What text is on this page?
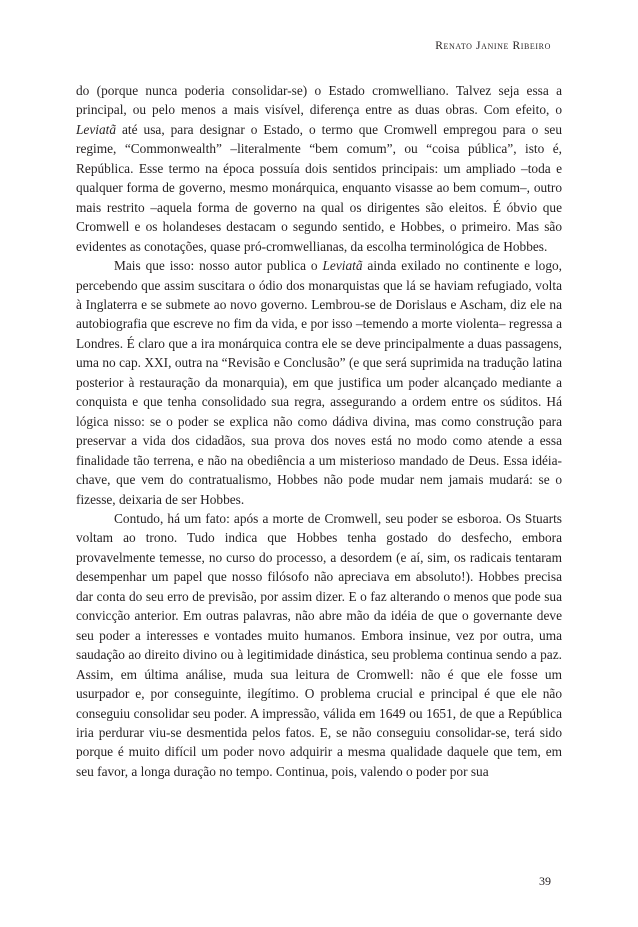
Renato Janine Ribeiro

do (porque nunca poderia consolidar-se) o Estado cromwelliano. Talvez seja essa a principal, ou pelo menos a mais visível, diferença entre as duas obras. Com efeito, o Leviatã até usa, para designar o Estado, o termo que Cromwell empregou para o seu regime, “Commonwealth” –literalmente “bem comum”, ou “coisa pública”, isto é, República. Esse termo na época possuía dois sentidos principais: um ampliado –toda e qualquer forma de governo, mesmo monárquica, enquanto visasse ao bem comum–, outro mais restrito –aquela forma de governo na qual os dirigentes são eleitos. É óbvio que Cromwell e os holandeses destacam o segundo sentido, e Hobbes, o primeiro. Mas são evidentes as conotações, quase pró-cromwellianas, da escolha terminológica de Hobbes.

Mais que isso: nosso autor publica o Leviatã ainda exilado no continente e logo, percebendo que assim suscitara o ódio dos monarquistas que lá se haviam refugiado, volta à Inglaterra e se submete ao novo governo. Lembrou-se de Dorislaus e Ascham, diz ele na autobiografia que escreve no fim da vida, e por isso –temendo a morte violenta– regressa a Londres. É claro que a ira monárquica contra ele se deve principalmente a duas passagens, uma no cap. XXI, outra na “Revisão e Conclusão” (e que será suprimida na tradução latina posterior à restauração da monarquia), em que justifica um poder alcançado mediante a conquista e que tenha consolidado sua regra, assegurando a ordem entre os súditos. Há lógica nisso: se o poder se explica não como dádiva divina, mas como construção para preservar a vida dos cidadãos, sua prova dos noves está no modo como atende a essa finalidade tão terrena, e não na obediência a um misterioso mandado de Deus. Essa idéia-chave, que vem do contratualismo, Hobbes não pode mudar nem jamais mudará: se o fizesse, deixaria de ser Hobbes.

Contudo, há um fato: após a morte de Cromwell, seu poder se esboroa. Os Stuarts voltam ao trono. Tudo indica que Hobbes tenha gostado do desfecho, embora provavelmente temesse, no curso do processo, a desordem (e aí, sim, os radicais tentaram desempenhar um papel que nosso filósofo não apreciava em absoluto!). Hobbes precisa dar conta do seu erro de previsão, por assim dizer. E o faz alterando o menos que pode sua convicção anterior. Em outras palavras, não abre mão da idéia de que o governante deve seu poder a interesses e vontades muito humanos. Embora insinue, vez por outra, uma saudação ao direito divino ou à legitimidade dinástica, seu problema continua sendo a paz. Assim, em última análise, muda sua leitura de Cromwell: não é que ele fosse um usurpador e, por conseguinte, ilegítimo. O problema crucial e principal é que ele não conseguiu consolidar seu poder. A impressão, válida em 1649 ou 1651, de que a República iria perdurar viu-se desmentida pelos fatos. E, se não conseguiu consolidar-se, terá sido porque é muito difícil um poder novo adquirir a mesma qualidade daquele que tem, em seu favor, a longa duração no tempo. Continua, pois, valendo o poder por sua

39
